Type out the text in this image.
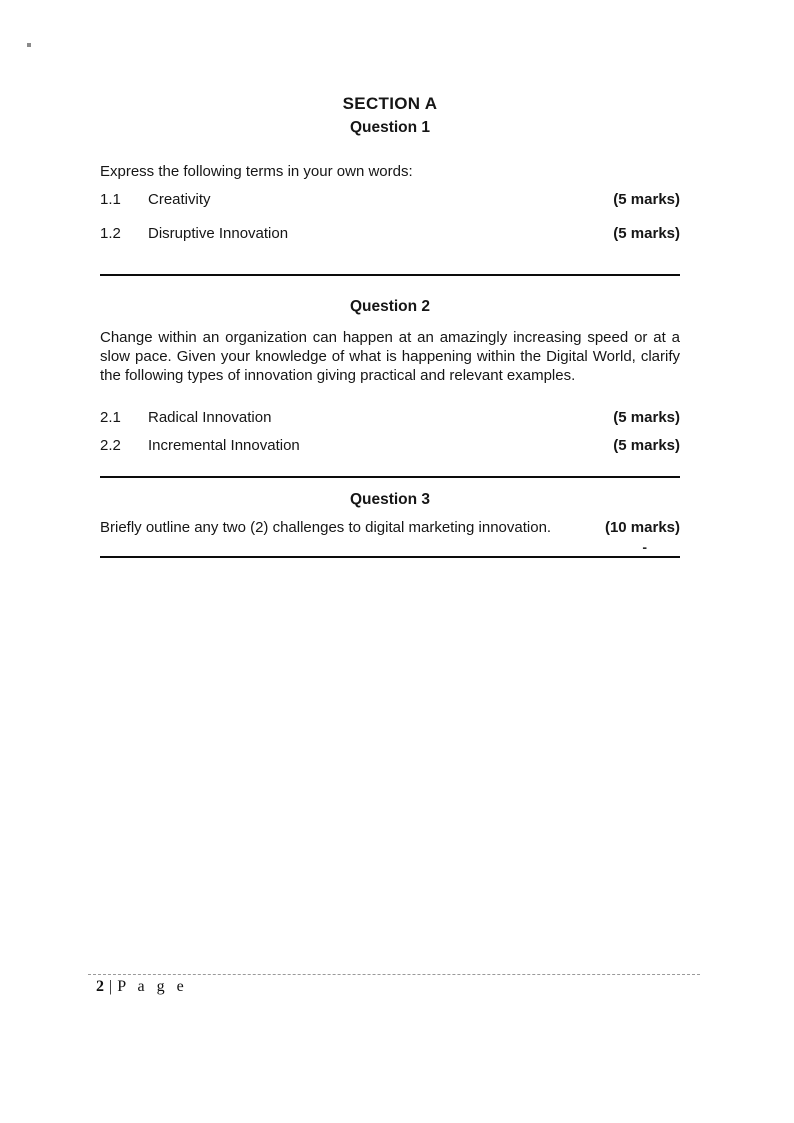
SECTION A
Question 1

Express the following terms in your own words:

1.1	Creativity	(5 marks)
1.2	Disruptive Innovation	(5 marks)
Question 2

Change within an organization can happen at an amazingly increasing speed or at a slow pace. Given your knowledge of what is happening within the Digital World, clarify the following types of innovation giving practical and relevant examples.

2.1	Radical Innovation	(5 marks)
2.2	Incremental Innovation	(5 marks)
Question 3
Briefly outline any two (2) challenges to digital marketing innovation.	(10 marks)
-
2 | P a g e
